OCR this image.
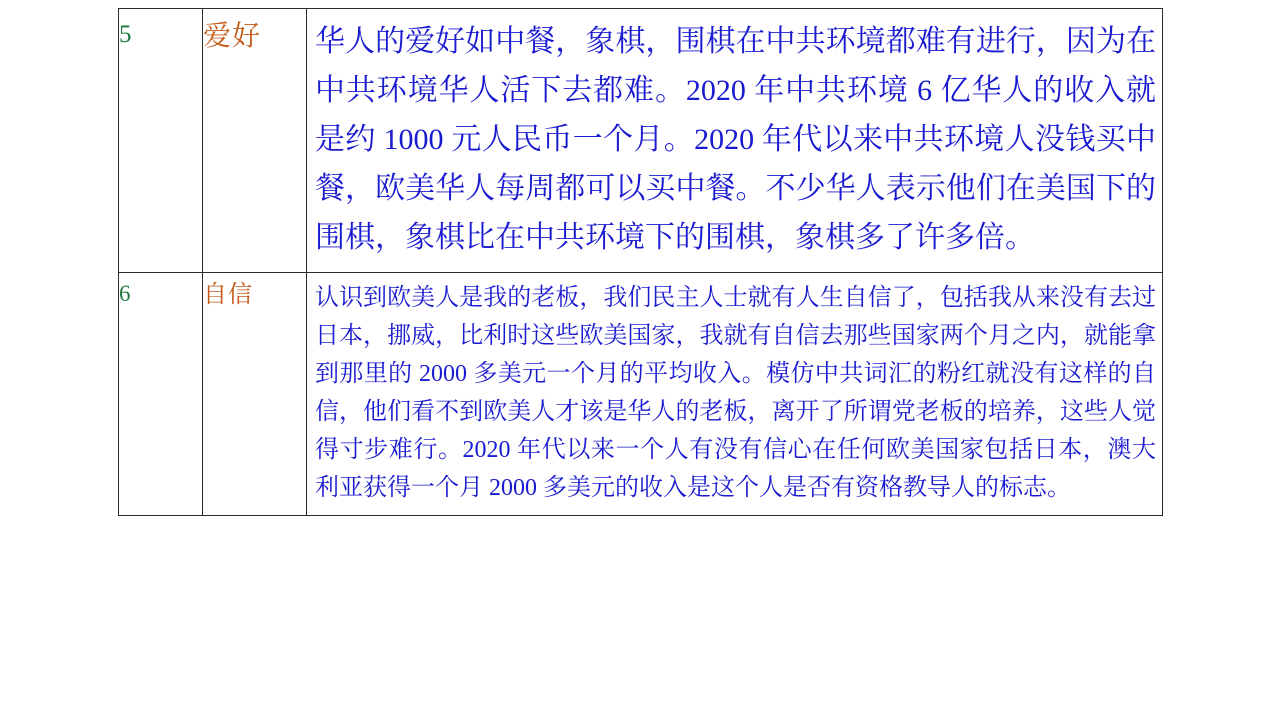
5	爱好	华人的爱好如中餐，象棋，围棋在中共环境都难有进行，因为在中共环境华人活下去都难。2020 年中共环境 6 亿华人的收入就是约 1000 元人民币一个月。2020 年代以来中共环境人没钱买中餐，欧美华人每周都可以买中餐。不少华人表示他们在美国下的围棋，象棋比在中共环境下的围棋，象棋多了许多倍。

6	自信	认识到欧美人是我的老板，我们民主人士就有人生自信了，包括我从来没有去过日本，挪威，比利时这些欧美国家，我就有自信去那些国家两个月之内，就能拿到那里的 2000 多美元一个月的平均收入。模仿中共词汇的粉红就没有这样的自信，他们看不到欧美人才该是华人的老板，离开了所谓党老板的培养，这些人觉得寸步难行。2020 年代以来一个人有没有信心在任何欧美国家包括日本，澳大利亚获得一个月 2000 多美元的收入是这个人是否有资格教导人的标志。
